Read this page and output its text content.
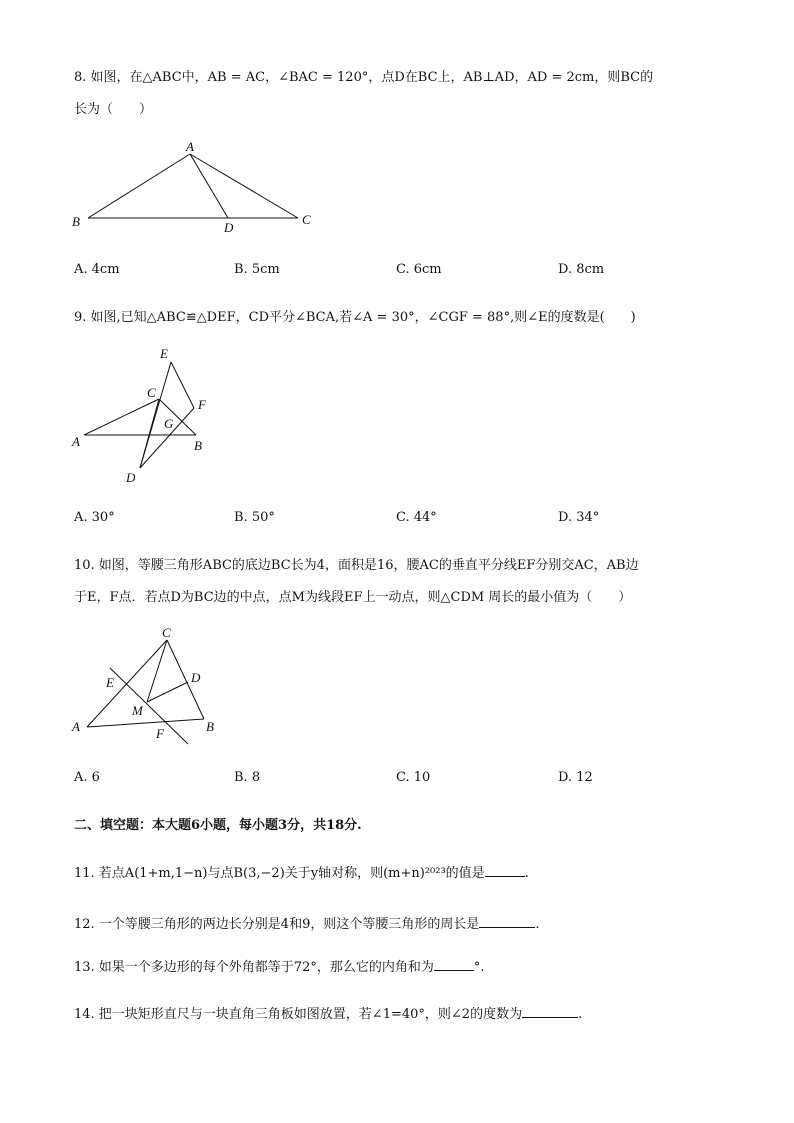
8. 如图，在△ABC中，AB = AC，∠BAC = 120°，点D在BC上，AB⊥AD，AD = 2cm，则BC的
长为（　　）
A
B	C
D
A. 4cm	B. 5cm	C. 6cm	D. 8cm
9. 如图,已知△ABC≌△DEF，CD平分∠BCA,若∠A = 30°，∠CGF = 88°,则∠E的度数是(　　)
E
C
F
G
A	B
D
A. 30°	B. 50°	C. 44°	D. 34°
10. 如图，等腰三角形ABC的底边BC长为4，面积是16，腰AC的垂直平分线EF分别交AC，AB边
于E，F点．若点D为BC边的中点，点M为线段EF上一动点，则△CDM 周长的最小值为（　　）
C
E	D
M
A	F	B
A. 6	B. 8	C. 10	D. 12
二、填空题：本大题6小题，每小题3分，共18分.
11. 若点A(1+m,1−n)与点B(3,−2)关于y轴对称，则(m+n)²⁰²³的值是	.
12. 一个等腰三角形的两边长分别是4和9，则这个等腰三角形的周长是	.
13. 如果一个多边形的每个外角都等于72°，那么它的内角和为	°.
14. 把一块矩形直尺与一块直角三角板如图放置，若∠1=40°，则∠2的度数为	.
